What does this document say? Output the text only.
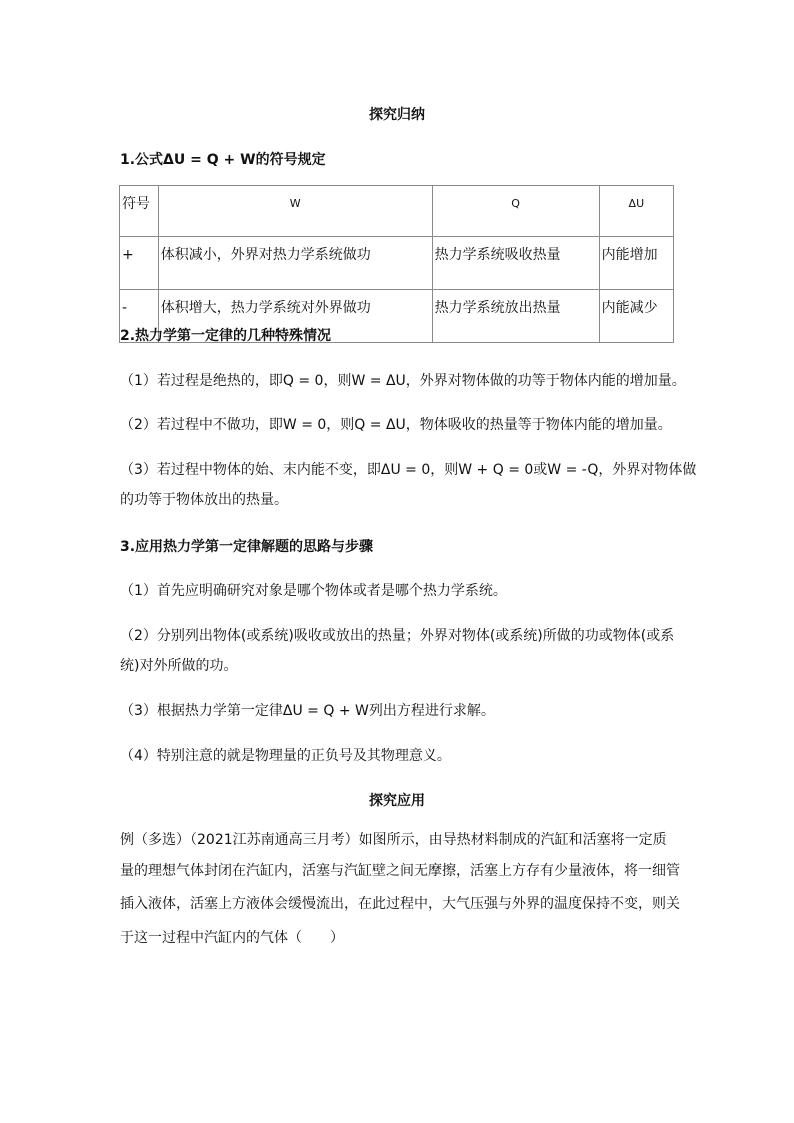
探究归纳
1.公式ΔU = Q + W的符号规定
符号	W	Q	ΔU
+	体积减小，外界对热力学系统做功	热力学系统吸收热量	内能增加
-	体积增大，热力学系统对外界做功	热力学系统放出热量	内能减少
2.热力学第一定律的几种特殊情况
（1）若过程是绝热的，即Q = 0，则W = ΔU，外界对物体做的功等于物体内能的增加量。
（2）若过程中不做功，即W = 0，则Q = ΔU，物体吸收的热量等于物体内能的增加量。
（3）若过程中物体的始、末内能不变，即ΔU = 0，则W + Q = 0或W = -Q，外界对物体做
的功等于物体放出的热量。
3.应用热力学第一定律解题的思路与步骤
（1）首先应明确研究对象是哪个物体或者是哪个热力学系统。
（2）分别列出物体(或系统)吸收或放出的热量；外界对物体(或系统)所做的功或物体(或系
统)对外所做的功。
（3）根据热力学第一定律ΔU = Q + W列出方程进行求解。
（4）特别注意的就是物理量的正负号及其物理意义。
探究应用
例（多选）（2021江苏南通高三月考）如图所示，由导热材料制成的汽缸和活塞将一定质
量的理想气体封闭在汽缸内，活塞与汽缸壁之间无摩擦，活塞上方存有少量液体，将一细管
插入液体，活塞上方液体会缓慢流出，在此过程中，大气压强与外界的温度保持不变，则关
于这一过程中汽缸内的气体（　　）
